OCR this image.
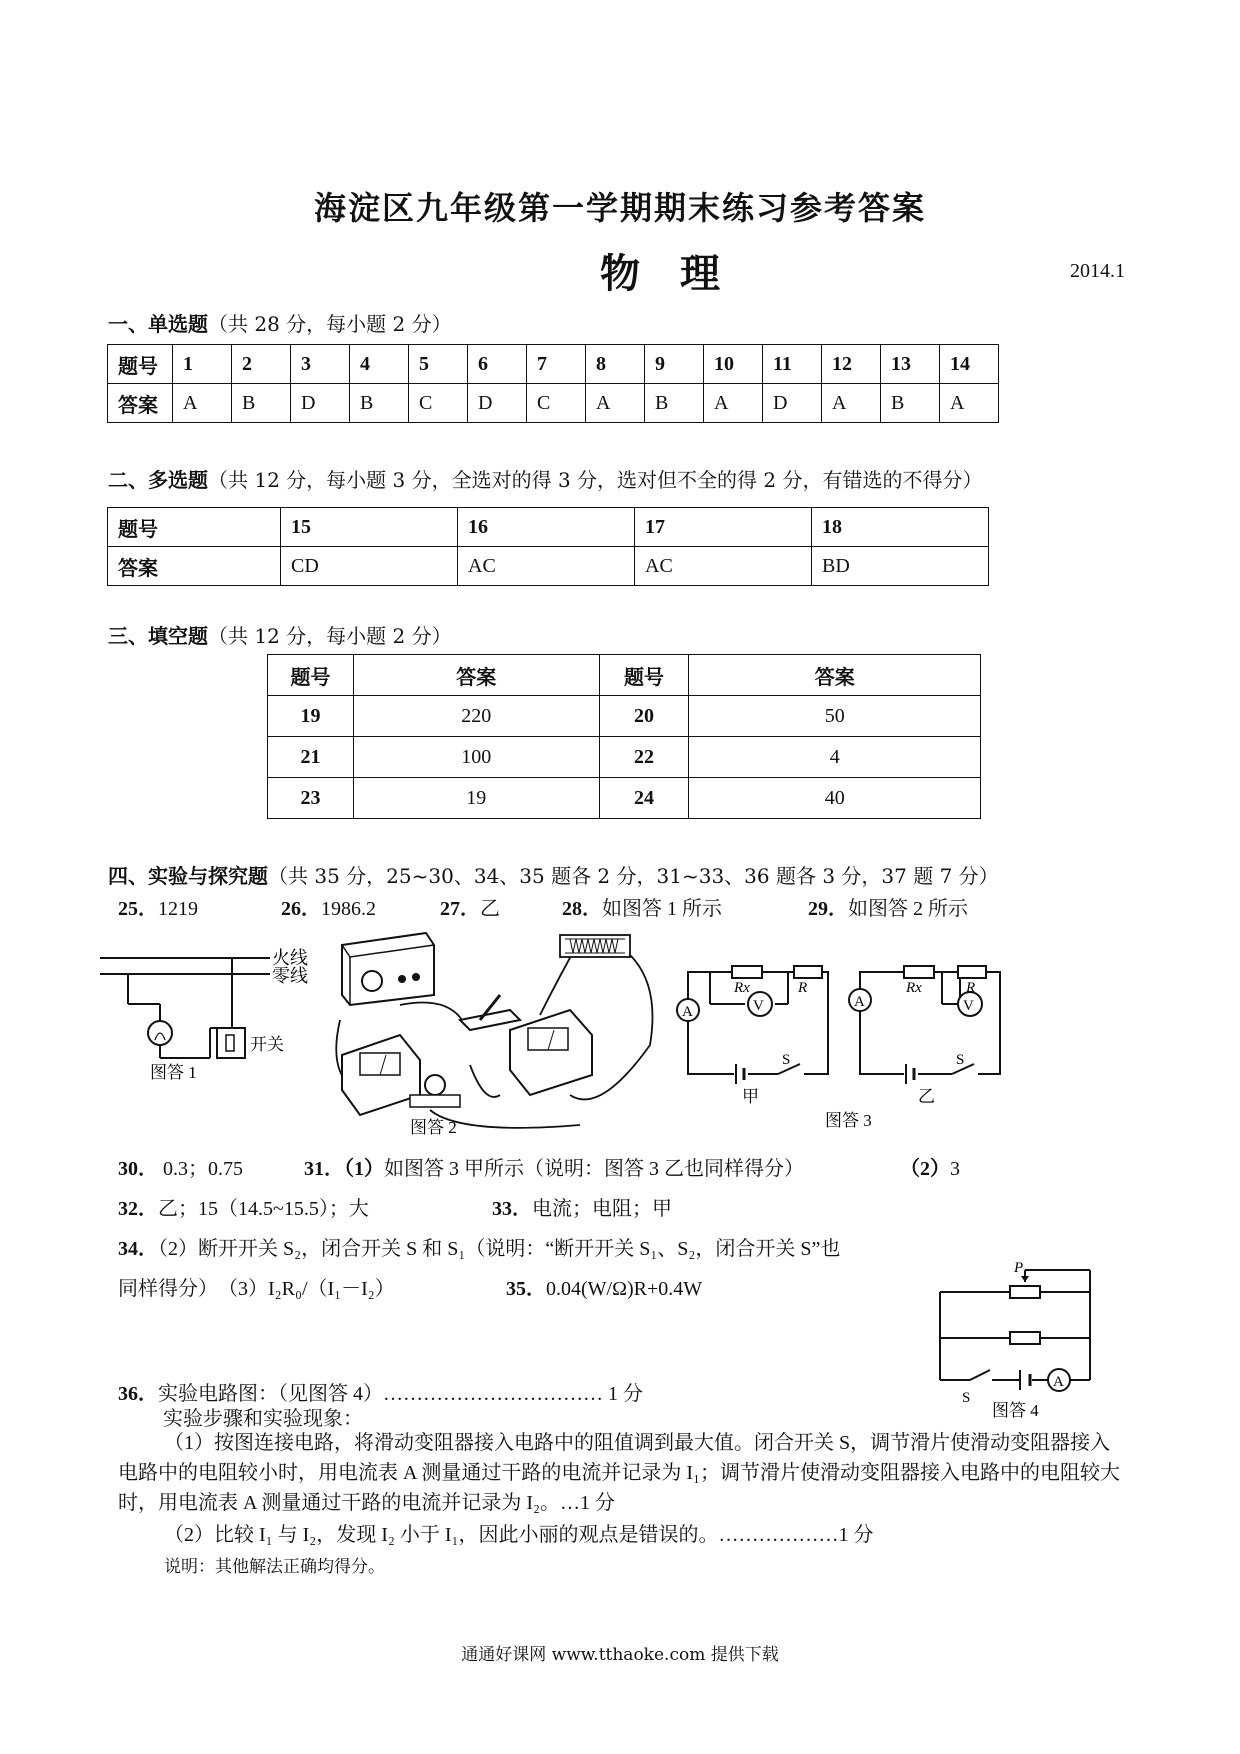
海淀区九年级第一学期期末练习参考答案
物理	2014.1
一、单选题（共 28 分，每小题 2 分）
题号	1	2	3	4	5	6	7	8	9	10	11	12	13	14
答案	A	B	D	B	C	D	C	A	B	A	D	A	B	A
二、多选题（共 12 分，每小题 3 分，全选对的得 3 分，选对但不全的得 2 分，有错选的不得分）
题号	15	16	17	18
答案	CD	AC	AC	BD
三、填空题（共 12 分，每小题 2 分）
题号	答案	题号	答案
19	220	20	50
21	100	22	4
23	19	24	40
四、实验与探究题（共 35 分，25~30、34、35 题各 2 分，31~33、36 题各 3 分，37 题 7 分）
25．1219	26．1986.2	27．乙	28．如图答 1 所示	29．如图答 2 所示
火线
零线
开关
图答 1
图答 2
A	V
Rx	R
S
甲
A	V
Rx	R
S
乙
图答 3
30． 0.3；0.75	31．（1）如图答 3 甲所示（说明：图答 3 乙也同样得分）	（2）3
32．乙；15（14.5~15.5）；大	33．电流；电阻；甲
34．（2）断开开关 S₂，闭合开关 S 和 S₁（说明：“断开开关 S₁、S₂，闭合开关 S”也
同样得分）　（3）I₂R₀/（I₁－I₂）	35．0.04(W/Ω)R+0.4W
P
S
A
图答 4
36．实验电路图：（见图答 4）…………………………… 1 分
实验步骤和实验现象：
（1）按图连接电路，将滑动变阻器接入电路中的阻值调到最大值。闭合开关 S，调节滑片使滑动变阻器接入电路中的电阻较小时，用电流表 A 测量通过干路的电流并记录为 I₁；调节滑片使滑动变阻器接入电路中的电阻较大时，用电流表 A 测量通过干路的电流并记录为 I₂。…1 分
（2）比较 I₁ 与 I₂，发现 I₂ 小于 I₁，因此小丽的观点是错误的。………………1 分
说明：其他解法正确均得分。
通通好课网 www.tthaoke.com 提供下载
